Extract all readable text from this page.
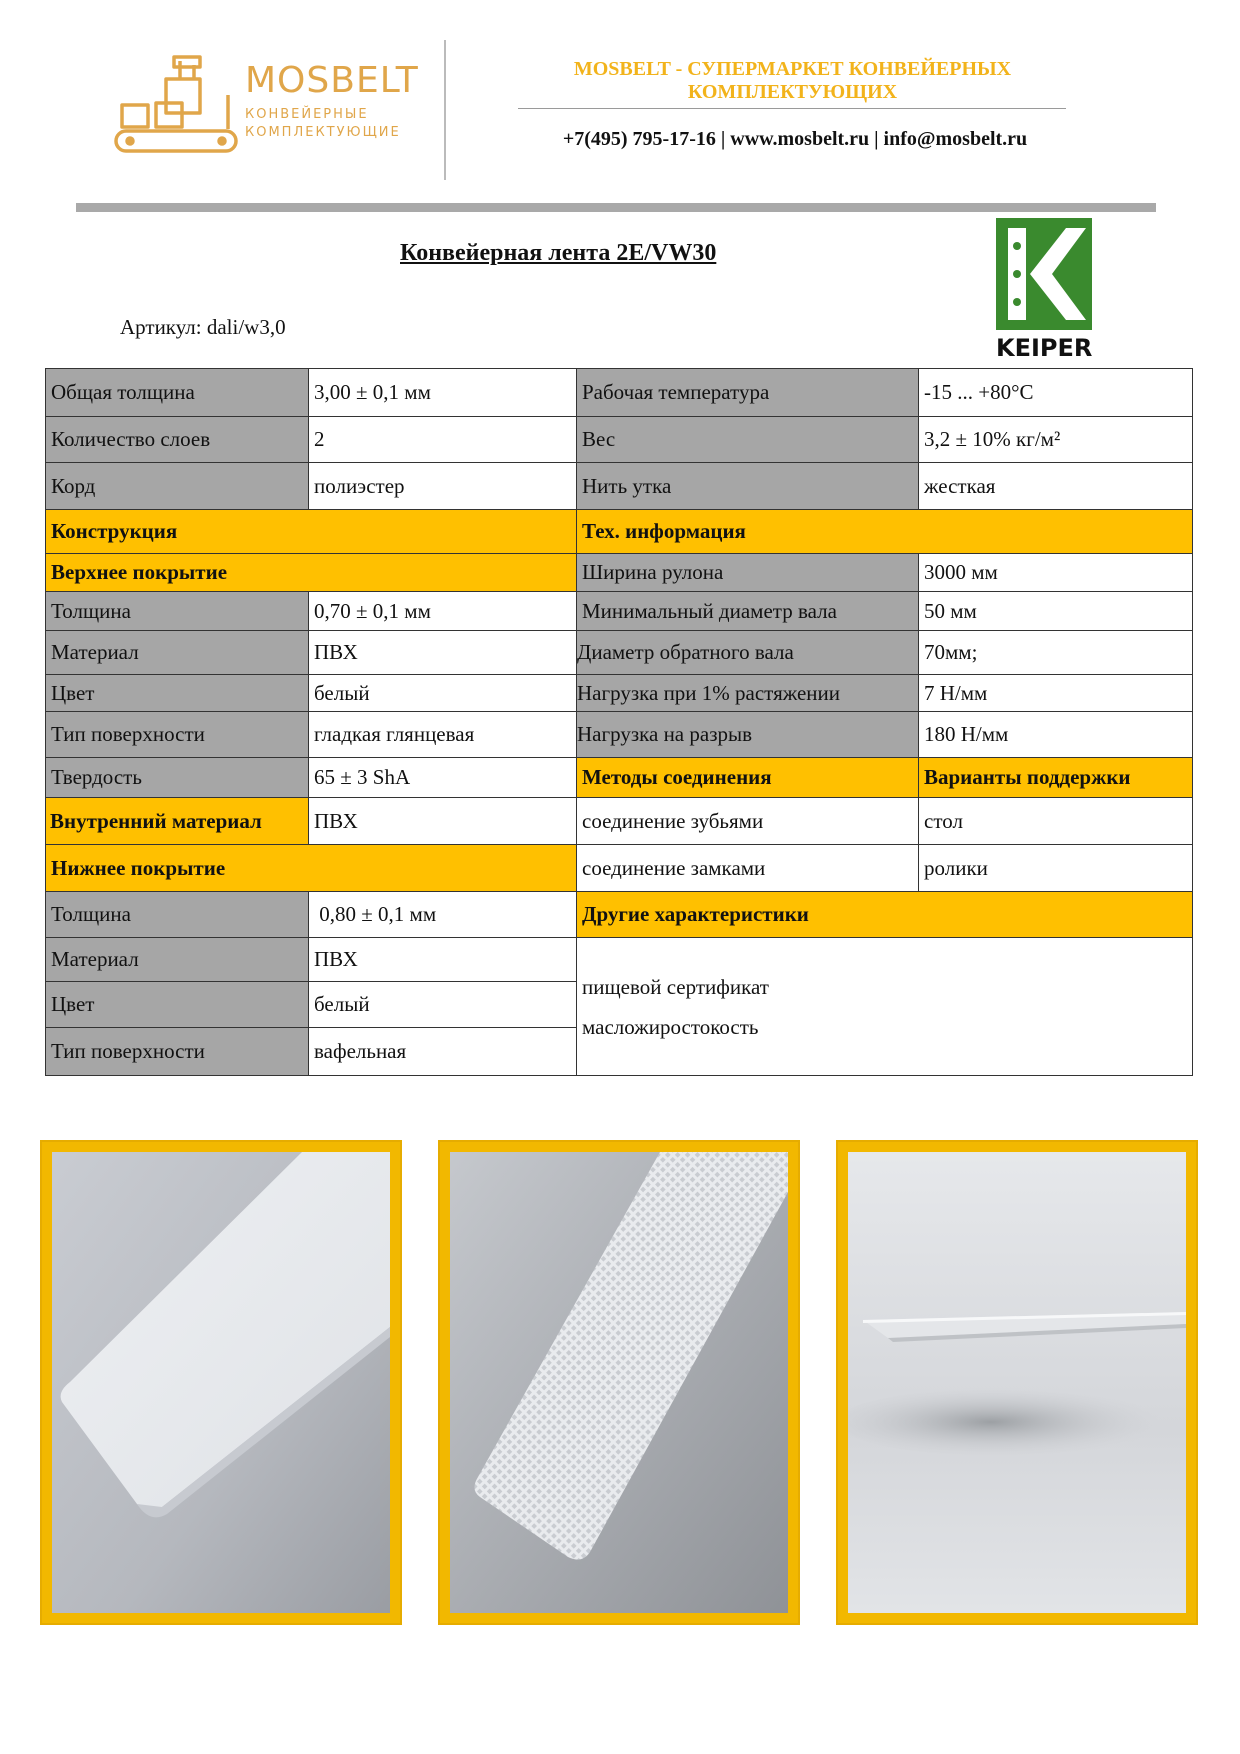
MOSBELT
КОНВЕЙЕРНЫЕ
КОМПЛЕКТУЮЩИЕ
MOSBELT - СУПЕРМАРКЕТ КОНВЕЙЕРНЫХ
КОМПЛЕКТУЮЩИХ
+7(495) 795-17-16 | www.mosbelt.ru | info@mosbelt.ru
Конвейерная лента 2E/VW30
Артикул: dali/w3,0
KEIPER
Общая толщина	3,00 ± 0,1 мм	Рабочая температура	-15 ... +80°С
Количество слоев	2	Вес	3,2 ± 10% кг/м²
Корд	полиэстер	Нить утка	жесткая
Конструкция		Тех. информация	
Верхнее покрытие		Ширина рулона	3000 мм
Толщина	0,70 ± 0,1 мм	Минимальный диаметр вала	50 мм
Материал	ПВХ	Диаметр обратного вала	70мм;
Цвет	белый	Нагрузка при 1% растяжении	7 Н/мм
Тип поверхности	гладкая глянцевая	Нагрузка на разрыв	180 Н/мм
Твердость	65 ± 3 ShA	Методы соединения	Варианты поддержки
Внутренний материал	ПВХ	соединение зубьями	стол
Нижнее покрытие		соединение замками	ролики
Толщина	0,80 ± 0,1 мм	Другие характеристики	
Материал	ПВХ	пищевой сертификат
масложиростокость	

Цвет	белый		
Тип поверхности	вафельная		
